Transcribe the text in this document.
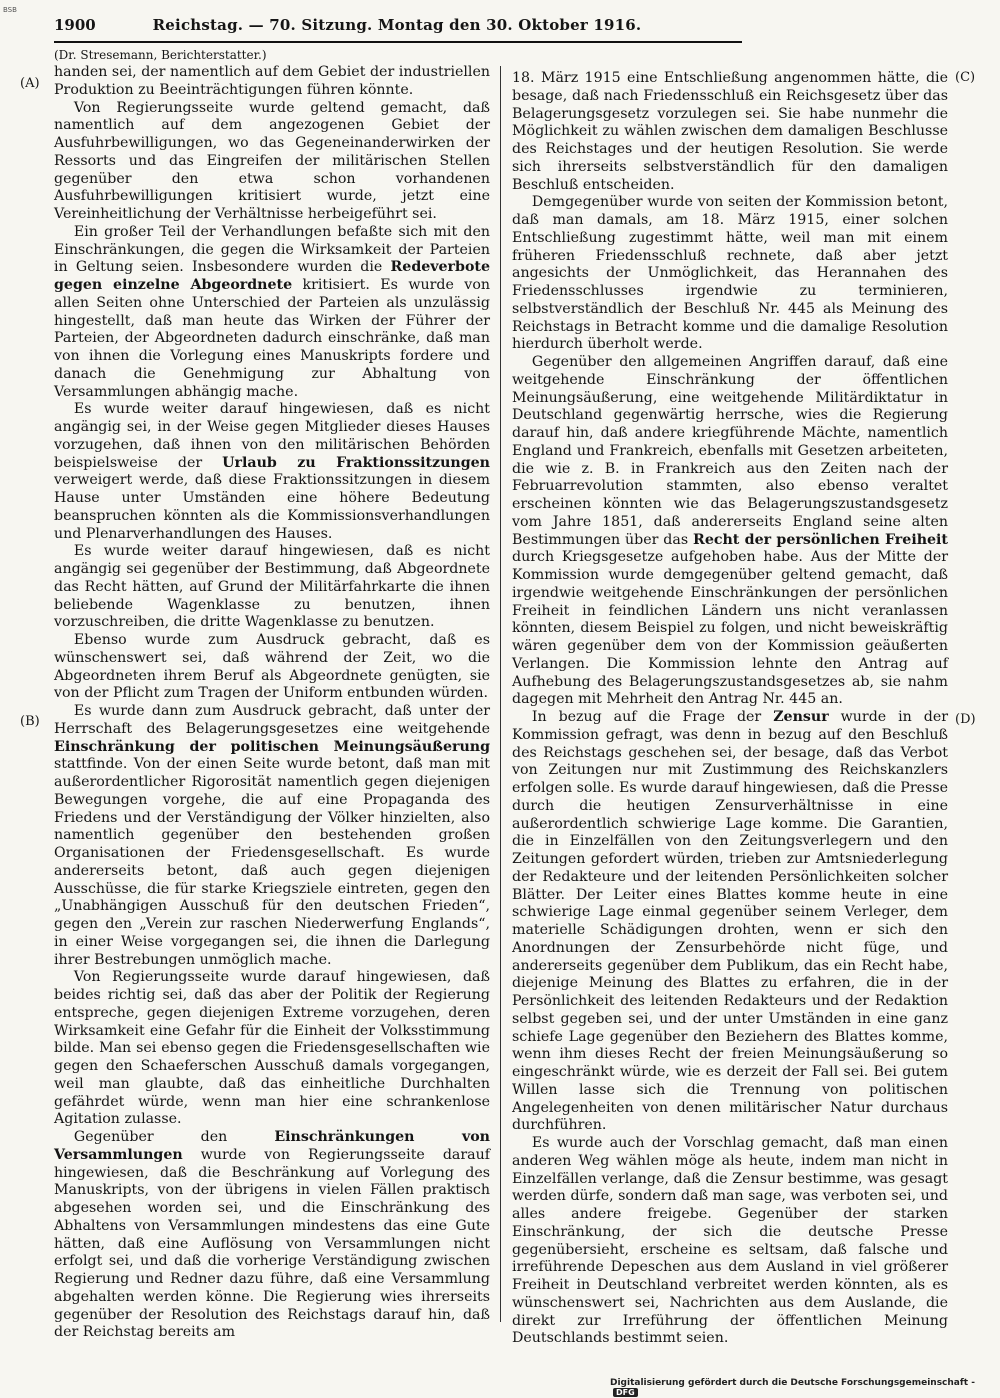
BSB
1900	Reichstag. — 70. Sitzung. Montag den 30. Oktober 1916.
(A)
(B)
(C)
(D)

(Dr. Stresemann, Berichterstatter.)

handen sei, der namentlich auf dem Gebiet der industriellen Produktion zu Beeinträchtigungen führen könnte.

Von Regierungsseite wurde geltend gemacht, daß namentlich auf dem angezogenen Gebiet der Ausfuhrbewilligungen, wo das Gegeneinanderwirken der Ressorts und das Eingreifen der militärischen Stellen gegenüber den etwa schon vorhandenen Ausfuhrbewilligungen kritisiert wurde, jetzt eine Vereinheitlichung der Verhältnisse herbeigeführt sei.

Ein großer Teil der Verhandlungen befaßte sich mit den Einschränkungen, die gegen die Wirksamkeit der Parteien in Geltung seien. Insbesondere wurden die Redeverbote gegen einzelne Abgeordnete kritisiert. Es wurde von allen Seiten ohne Unterschied der Parteien als unzulässig hingestellt, daß man heute das Wirken der Führer der Parteien, der Abgeordneten dadurch einschränke, daß man von ihnen die Vorlegung eines Manuskripts fordere und danach die Genehmigung zur Abhaltung von Versammlungen abhängig mache.

Es wurde weiter darauf hingewiesen, daß es nicht angängig sei, in der Weise gegen Mitglieder dieses Hauses vorzugehen, daß ihnen von den militärischen Behörden beispielsweise der Urlaub zu Fraktionssitzungen verweigert werde, daß diese Fraktionssitzungen in diesem Hause unter Umständen eine höhere Bedeutung beanspruchen könnten als die Kommissionsverhandlungen und Plenarverhandlungen des Hauses.

Es wurde weiter darauf hingewiesen, daß es nicht angängig sei gegenüber der Bestimmung, daß Abgeordnete das Recht hätten, auf Grund der Militärfahrkarte die ihnen beliebende Wagenklasse zu benutzen, ihnen vorzuschreiben, die dritte Wagenklasse zu benutzen.

Ebenso wurde zum Ausdruck gebracht, daß es wünschenswert sei, daß während der Zeit, wo die Abgeordneten ihrem Beruf als Abgeordnete genügten, sie von der Pflicht zum Tragen der Uniform entbunden würden.

Es wurde dann zum Ausdruck gebracht, daß unter der Herrschaft des Belagerungsgesetzes eine weitgehende Einschränkung der politischen Meinungsäußerung stattfinde. Von der einen Seite wurde betont, daß man mit außerordentlicher Rigorosität namentlich gegen diejenigen Bewegungen vorgehe, die auf eine Propaganda des Friedens und der Verständigung der Völker hinzielten, also namentlich gegenüber den bestehenden großen Organisationen der Friedensgesellschaft. Es wurde andererseits betont, daß auch gegen diejenigen Ausschüsse, die für starke Kriegsziele eintreten, gegen den „Unabhängigen Ausschuß für den deutschen Frieden“, gegen den „Verein zur raschen Niederwerfung Englands“, in einer Weise vorgegangen sei, die ihnen die Darlegung ihrer Bestrebungen unmöglich mache.

Von Regierungsseite wurde darauf hingewiesen, daß beides richtig sei, daß das aber der Politik der Regierung entspreche, gegen diejenigen Extreme vorzugehen, deren Wirksamkeit eine Gefahr für die Einheit der Volksstimmung bilde. Man sei ebenso gegen die Friedensgesellschaften wie gegen den Schaeferschen Ausschuß damals vorgegangen, weil man glaubte, daß das einheitliche Durchhalten gefährdet würde, wenn man hier eine schrankenlose Agitation zulasse.

Gegenüber den	Einschränkungen von Versammlungen wurde von Regierungsseite darauf hingewiesen, daß die Beschränkung auf Vorlegung des Manuskripts, von der übrigens in vielen Fällen praktisch abgesehen worden sei, und die Einschränkung des Abhaltens von Versammlungen mindestens das eine Gute hätten, daß eine Auflösung von Versammlungen nicht erfolgt sei, und daß die vorherige Verständigung zwischen Regierung und Redner dazu führe, daß eine Versammlung abgehalten werden könne. Die Regierung wies ihrerseits gegenüber der Resolution des Reichstags darauf hin, daß der Reichstag bereits am

18. März 1915 eine Entschließung angenommen hätte, die besage, daß nach Friedensschluß ein Reichsgesetz über das Belagerungsgesetz vorzulegen sei. Sie habe nunmehr die Möglichkeit zu wählen zwischen dem damaligen Beschlusse des Reichstages und der heutigen Resolution. Sie werde sich ihrerseits selbstverständlich für den damaligen Beschluß entscheiden.

Demgegenüber wurde von seiten der Kommission betont, daß man damals, am 18. März 1915, einer solchen Entschließung zugestimmt hätte, weil man mit einem früheren Friedensschluß rechnete, daß aber jetzt angesichts der Unmöglichkeit, das Herannahen des Friedensschlusses irgendwie zu terminieren, selbstverständlich der Beschluß Nr. 445 als Meinung des Reichstags in Betracht komme und die damalige Resolution hierdurch überholt werde.

Gegenüber den allgemeinen Angriffen darauf, daß eine weitgehende Einschränkung der öffentlichen Meinungsäußerung, eine weitgehende Militärdiktatur in Deutschland gegenwärtig herrsche, wies die Regierung darauf hin, daß andere kriegführende Mächte, namentlich England und Frankreich, ebenfalls mit Gesetzen arbeiteten, die wie z. B. in Frankreich aus den Zeiten nach der Februarrevolution stammten, also ebenso veraltet erscheinen könnten wie das Belagerungszustandsgesetz vom Jahre 1851, daß andererseits England seine alten Bestimmungen über das Recht der persönlichen Freiheit durch Kriegsgesetze aufgehoben habe. Aus der Mitte der Kommission wurde demgegenüber geltend gemacht, daß irgendwie weitgehende Einschränkungen der persönlichen Freiheit in feindlichen Ländern uns nicht veranlassen könnten, diesem Beispiel zu folgen, und nicht beweiskräftig wären gegenüber dem von der Kommission geäußerten Verlangen. Die Kommission lehnte den Antrag auf Aufhebung des Belagerungszustandsgesetzes ab, sie nahm dagegen mit Mehrheit den Antrag Nr. 445 an.

In bezug auf die Frage der Zensur wurde in der Kommission gefragt, was denn in bezug auf den Beschluß des Reichstags geschehen sei, der besage, daß das Verbot von Zeitungen nur mit Zustimmung des Reichskanzlers erfolgen solle. Es wurde darauf hingewiesen, daß die Presse durch die heutigen Zensurverhältnisse in eine außerordentlich schwierige Lage komme. Die Garantien, die in Einzelfällen von den Zeitungsverlegern und den Zeitungen gefordert würden, trieben zur Amtsniederlegung der Redakteure und der leitenden Persönlichkeiten solcher Blätter. Der Leiter eines Blattes komme heute in eine schwierige Lage einmal gegenüber seinem Verleger, dem materielle Schädigungen drohten, wenn er sich den Anordnungen der Zensurbehörde nicht füge, und andererseits gegenüber dem Publikum, das ein Recht habe, diejenige Meinung des Blattes zu erfahren, die in der Persönlichkeit des leitenden Redakteurs und der Redaktion selbst gegeben sei, und der unter Umständen in eine ganz schiefe Lage gegenüber den Beziehern des Blattes komme, wenn ihm dieses Recht der freien Meinungsäußerung so eingeschränkt würde, wie es derzeit der Fall sei. Bei gutem Willen lasse sich die Trennung von politischen Angelegenheiten von denen militärischer Natur durchaus durchführen.

Es wurde auch der Vorschlag gemacht, daß man einen anderen Weg wählen möge als heute, indem man nicht in Einzelfällen verlange, daß die Zensur bestimme, was gesagt werden dürfe, sondern daß man sage, was verboten sei, und alles andere freigebe. Gegenüber der starken Einschränkung, der sich die deutsche Presse gegenübersieht, erscheine es seltsam, daß falsche und irreführende Depeschen aus dem Ausland in viel größerer Freiheit in Deutschland verbreitet werden könnten, als es wünschenswert sei, Nachrichten aus dem Auslande, die direkt zur Irreführung der öffentlichen Meinung Deutschlands bestimmt seien.

Digitalisierung gefördert durch die Deutsche Forschungsgemeinschaft -DFG
